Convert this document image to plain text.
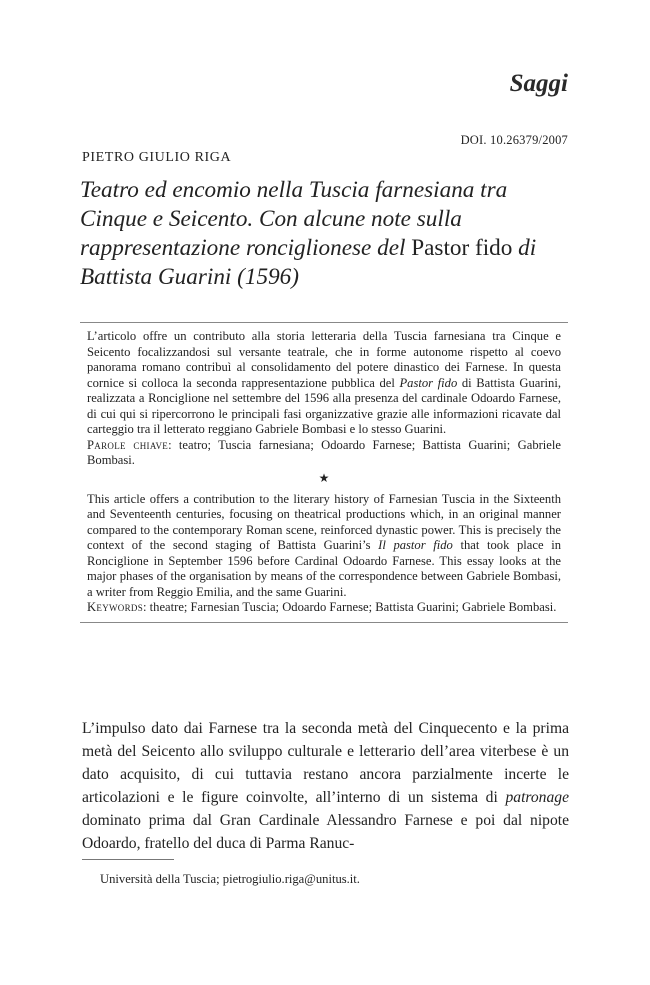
Saggi
DOI. 10.26379/2007
PIETRO GIULIO RIGA
Teatro ed encomio nella Tuscia farnesiana tra Cinque e Seicento. Con alcune note sulla rappresentazione ronciglionese del Pastor fido di Battista Guarini (1596)

L’articolo offre un contributo alla storia letteraria della Tuscia farnesiana tra Cinque e Seicento focalizzandosi sul versante teatrale, che in forme autonome rispetto al coevo panorama romano contribuì al consolidamento del potere dinastico dei Farnese. In questa cornice si colloca la seconda rappresentazione pubblica del Pastor fido di Battista Guarini, realizzata a Ronciglione nel settembre del 1596 alla presenza del cardinale Odoardo Farnese, di cui qui si ripercorrono le principali fasi organizzative grazie alle informazioni ricavate dal carteggio tra il letterato reggiano Gabriele Bombasi e lo stesso Guarini.
Parole chiave: teatro; Tuscia farnesiana; Odoardo Farnese; Battista Guarini; Gabriele Bombasi.

★

This article offers a contribution to the literary history of Farnesian Tuscia in the Sixteenth and Seventeenth centuries, focusing on theatrical productions which, in an original manner compared to the contemporary Roman scene, reinforced dynastic power. This is precisely the context of the second staging of Battista Guarini’s Il pastor fido that took place in Ronciglione in September 1596 before Cardinal Odoardo Farnese. This essay looks at the major phases of the organisation by means of the correspondence between Gabriele Bombasi, a writer from Reggio Emilia, and the same Guarini.
Keywords: theatre; Farnesian Tuscia; Odoardo Farnese; Battista Guarini; Gabriele Bombasi.

L’impulso dato dai Farnese tra la seconda metà del Cinquecento e la prima metà del Seicento allo sviluppo culturale e letterario dell’area viterbese è un dato acquisito, di cui tuttavia restano ancora parzialmente incerte le articolazioni e le figure coinvolte, all’interno di un sistema di patronage dominato prima dal Gran Cardinale Alessandro Farnese e poi dal nipote Odoardo, fratello del duca di Parma Ranuc-

Università della Tuscia; pietrogiulio.riga@unitus.it.
